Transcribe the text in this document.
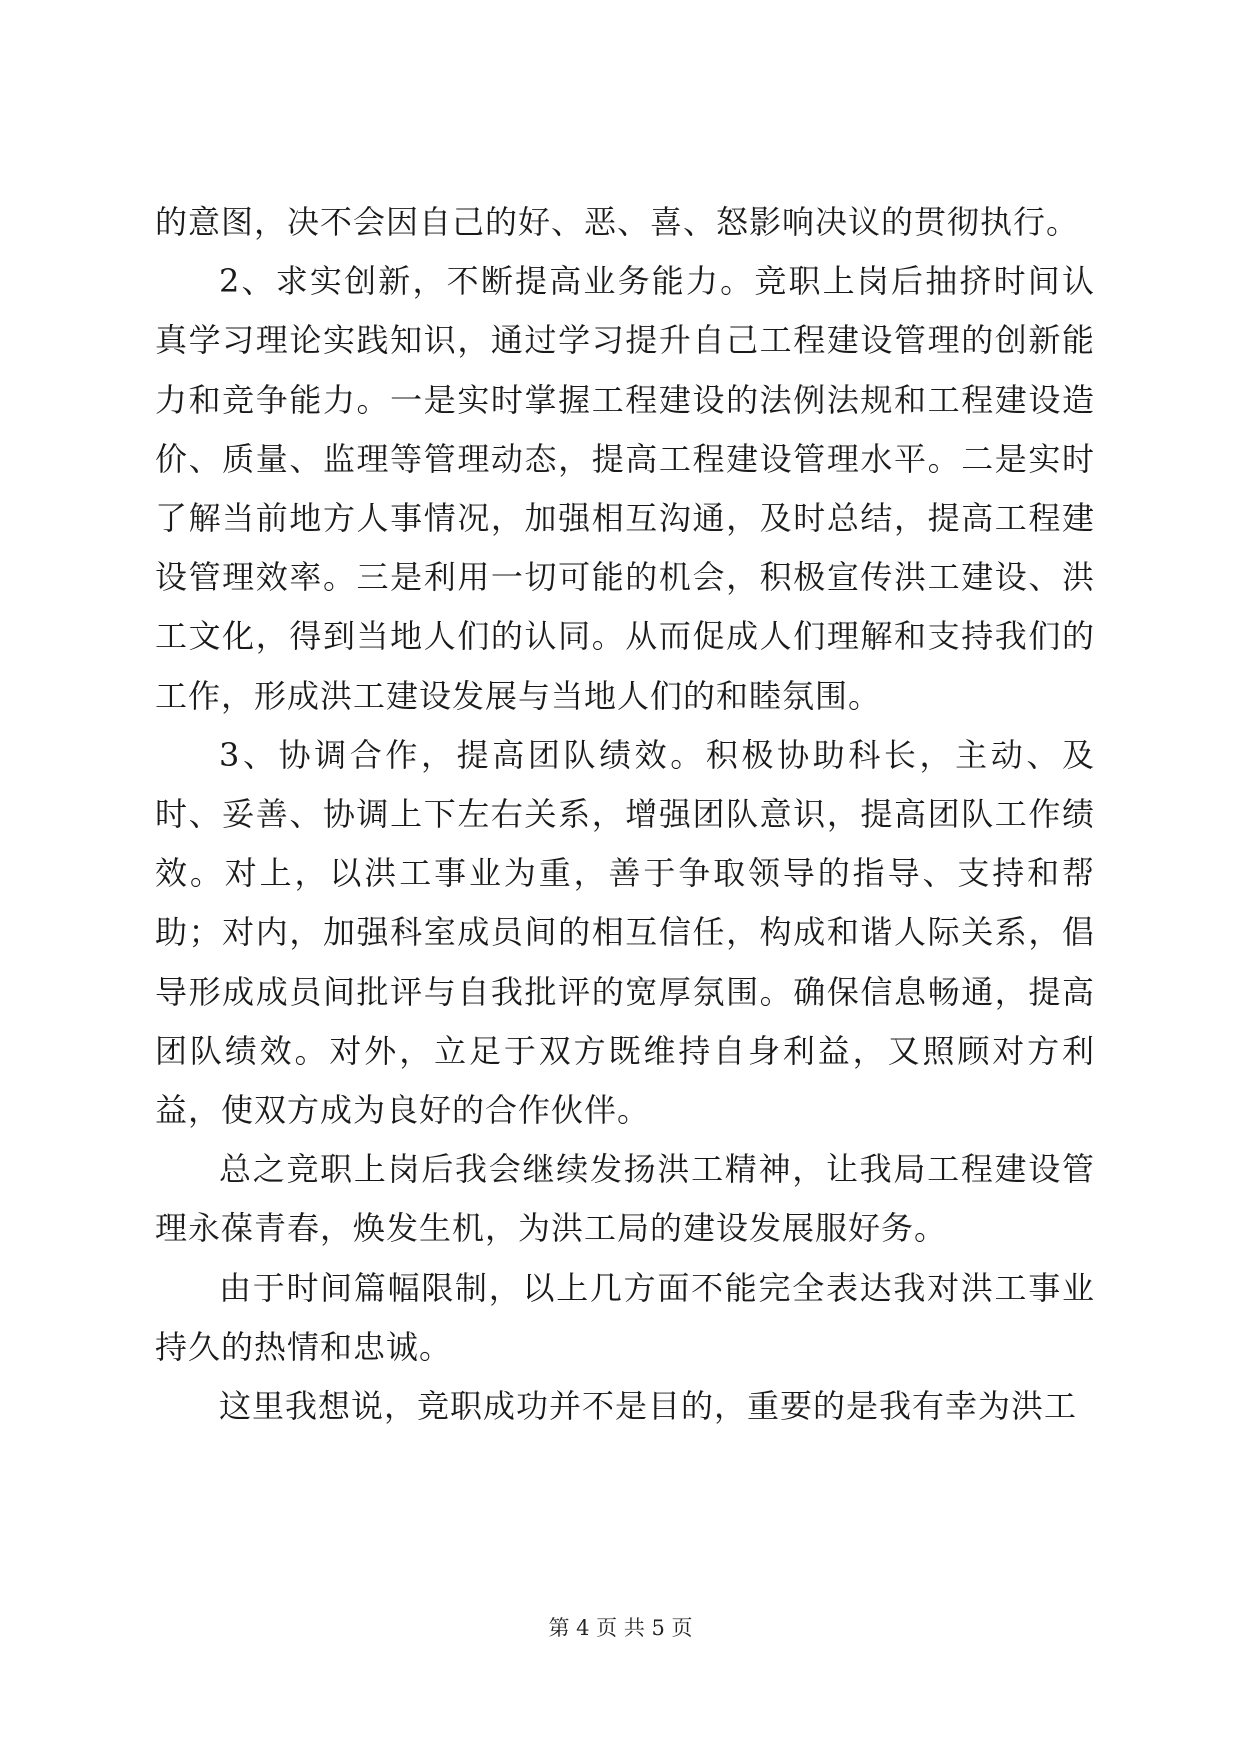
的意图，决不会因自己的好、恶、喜、怒影响决议的贯彻执行。

2、求实创新，不断提高业务能力。竞职上岗后抽挤时间认真学习理论实践知识，通过学习提升自己工程建设管理的创新能力和竞争能力。一是实时掌握工程建设的法例法规和工程建设造价、质量、监理等管理动态，提高工程建设管理水平。二是实时了解当前地方人事情况，加强相互沟通，及时总结，提高工程建设管理效率。三是利用一切可能的机会，积极宣传洪工建设、洪工文化，得到当地人们的认同。从而促成人们理解和支持我们的工作，形成洪工建设发展与当地人们的和睦氛围。

3、协调合作，提高团队绩效。积极协助科长，主动、及时、妥善、协调上下左右关系，增强团队意识，提高团队工作绩效。对上，以洪工事业为重，善于争取领导的指导、支持和帮助；对内，加强科室成员间的相互信任，构成和谐人际关系，倡导形成成员间批评与自我批评的宽厚氛围。确保信息畅通，提高团队绩效。对外，立足于双方既维持自身利益，又照顾对方利益，使双方成为良好的合作伙伴。

总之竞职上岗后我会继续发扬洪工精神，让我局工程建设管理永葆青春，焕发生机，为洪工局的建设发展服好务。

由于时间篇幅限制，以上几方面不能完全表达我对洪工事业持久的热情和忠诚。

这里我想说，竞职成功并不是目的，重要的是我有幸为洪工

第 4 页 共 5 页
